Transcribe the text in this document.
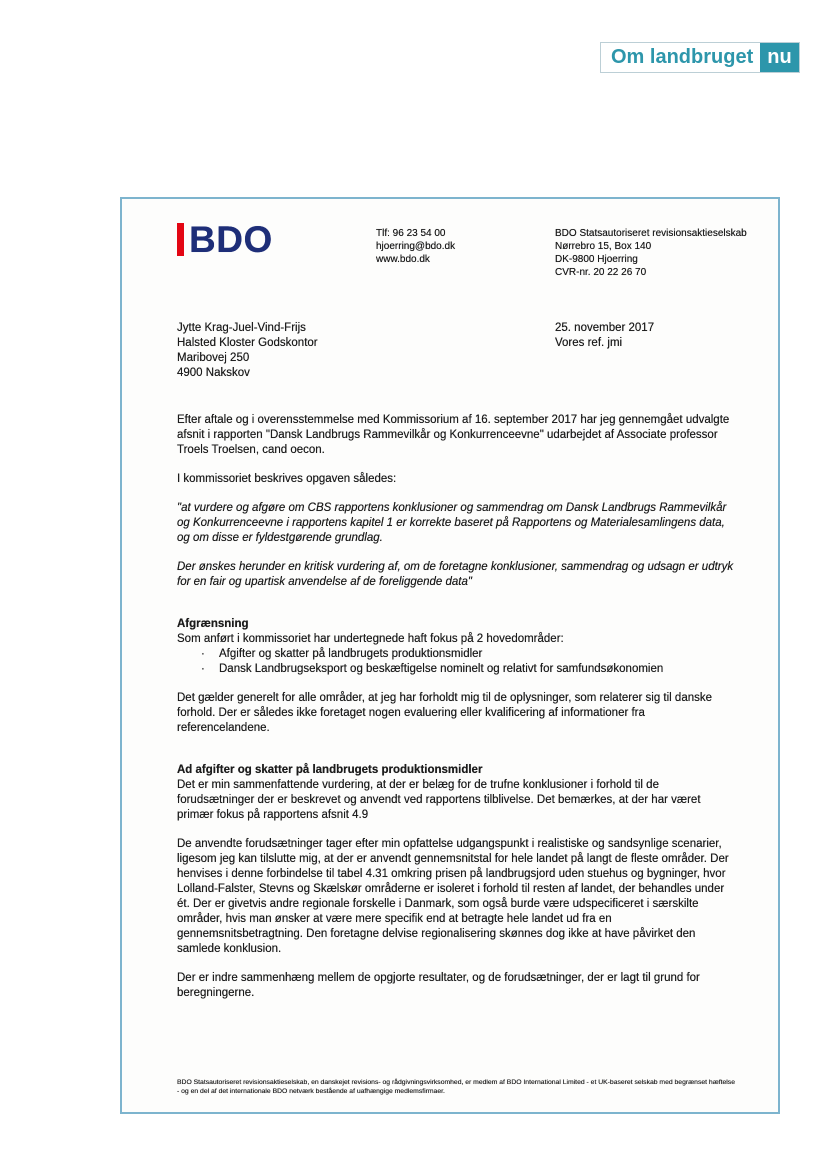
Om landbruget nu
BDO	Tlf: 96 23 54 00
hjoerring@bdo.dk
www.bdo.dk
BDO Statsautoriseret revisionsaktieselskab
Nørrebro 15, Box 140
DK-9800 Hjoerring
CVR-nr. 20 22 26 70
Jytte Krag-Juel-Vind-Frijs
Halsted Kloster Godskontor
Maribovej 250
4900 Nakskov
25. november 2017
Vores ref. jmi

Efter aftale og i overensstemmelse med Kommissorium af 16. september 2017 har jeg gennemgået udvalgte afsnit i rapporten "Dansk Landbrugs Rammevilkår og Konkurrenceevne" udarbejdet af Associate professor Troels Troelsen, cand oecon.

I kommissoriet beskrives opgaven således:

"at vurdere og afgøre om CBS rapportens konklusioner og sammendrag om Dansk Landbrugs Rammevilkår og Konkurrenceevne i rapportens kapitel 1 er korrekte baseret på Rapportens og Materialesamlingens data, og om disse er fyldestgørende grundlag.

Der ønskes herunder en kritisk vurdering af, om de foretagne konklusioner, sammendrag og udsagn er udtryk for en fair og upartisk anvendelse af de foreliggende data"

Afgrænsning

Som anført i kommissoriet har undertegnede haft fokus på 2 hovedområder:

· Afgifter og skatter på landbrugets produktionsmidler
· Dansk Landbrugseksport og beskæftigelse nominelt og relativt for samfundsøkonomien

Det gælder generelt for alle områder, at jeg har forholdt mig til de oplysninger, som relaterer sig til danske forhold. Der er således ikke foretaget nogen evaluering eller kvalificering af informationer fra referencelandene.

Ad afgifter og skatter på landbrugets produktionsmidler

Det er min sammenfattende vurdering, at der er belæg for de trufne konklusioner i forhold til de forudsætninger der er beskrevet og anvendt ved rapportens tilblivelse. Det bemærkes, at der har været primær fokus på rapportens afsnit 4.9

De anvendte forudsætninger tager efter min opfattelse udgangspunkt i realistiske og sandsynlige scenarier, ligesom jeg kan tilslutte mig, at der er anvendt gennemsnitstal for hele landet på langt de fleste områder. Der henvises i denne forbindelse til tabel 4.31 omkring prisen på landbrugsjord uden stuehus og bygninger, hvor Lolland-Falster, Stevns og Skælskør områderne er isoleret i forhold til resten af landet, der behandles under ét. Der er givetvis andre regionale forskelle i Danmark, som også burde være udspecificeret i særskilte områder, hvis man ønsker at være mere specifik end at betragte hele landet ud fra en gennemsnitsbetragtning. Den foretagne delvise regionalisering skønnes dog ikke at have påvirket den samlede konklusion.

Der er indre sammenhæng mellem de opgjorte resultater, og de forudsætninger, der er lagt til grund for beregningerne.

BDO Statsautoriseret revisionsaktieselskab, en danskejet revisions- og rådgivningsvirksomhed, er medlem af BDO International Limited - et UK-baseret selskab med begrænset hæftelse - og en del af det internationale BDO netværk bestående af uafhængige medlemsfirmaer.
